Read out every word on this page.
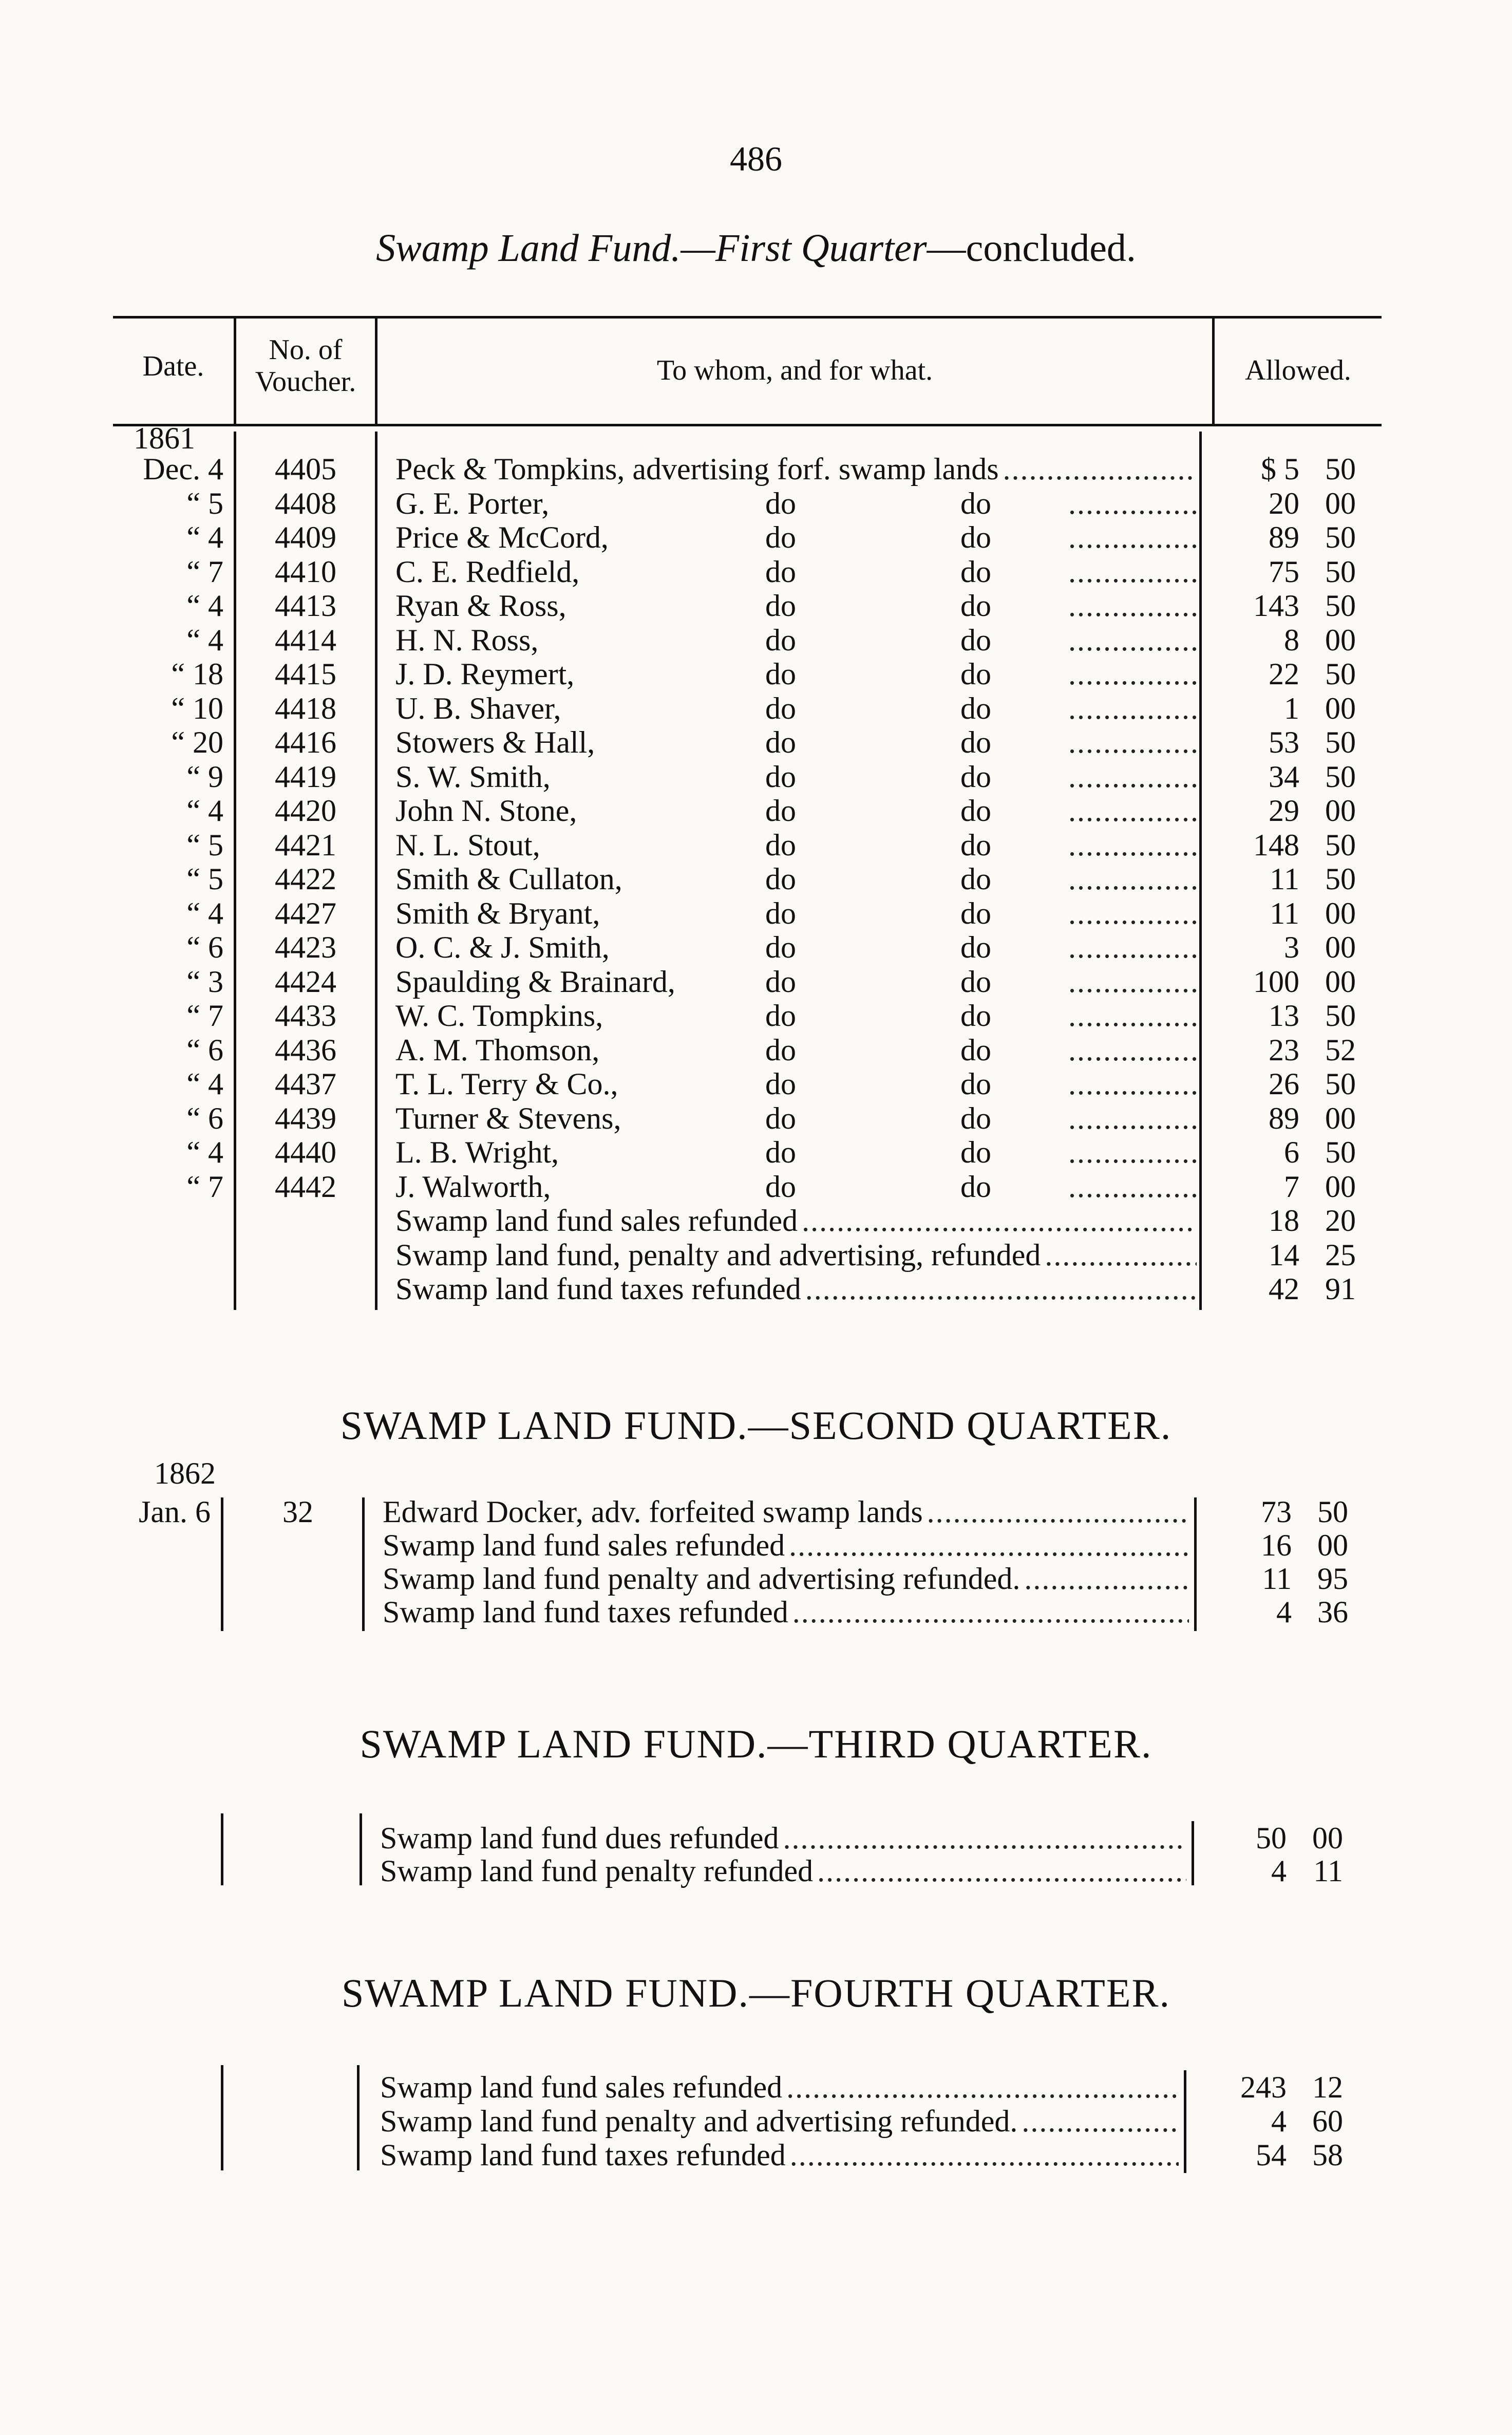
486
Swamp Land Fund.—First Quarter—concluded.
Date.
No. of Voucher.	To whom, and for what.	Allowed.
1861
Dec. 4	4405	Peck & Tompkins, advertising forf. swamp lands .....	$ 5 50
“ 5	4408	G. E. Porter,	do	do .....	20 00
“ 4	4409	Price & McCord,	do	do .....	89 50
“ 7	4410	C. E. Redfield,	do	do .....	75 50
“ 4	4413	Ryan & Ross,	do	do .....	143 50
“ 4	4414	H. N. Ross,	do	do .....	8 00
“ 18	4415	J. D. Reymert,	do	do .....	22 50
“ 10	4418	U. B. Shaver,	do	do .....	1 00
“ 20	4416	Stowers & Hall,	do	do .....	53 50
“ 9	4419	S. W. Smith,	do	do .....	34 50
“ 4	4420	John N. Stone,	do	do .....	29 00
“ 5	4421	N. L. Stout,	do	do .....	148 50
“ 5	4422	Smith & Cullaton,	do	do .....	11 50
“ 4	4427	Smith & Bryant,	do	do .....	11 00
“ 6	4423	O. C. & J. Smith,	do	do .....	3 00
“ 3	4424	Spaulding & Brainard,	do	do .....	100 00
“ 7	4433	W. C. Tompkins,	do	do .....	13 50
“ 6	4436	A. M. Thomson,	do	do .....	23 52
“ 4	4437	T. L. Terry & Co.,	do	do .....	26 50
“ 6	4439	Turner & Stevens,	do	do .....	89 00
“ 4	4440	L. B. Wright,	do	do .....	6 50
“ 7	4442	J. Walworth,	do	do .....	7 00
Swamp land fund sales refunded .....	18 20
Swamp land fund, penalty and advertising, refunded .....	14 25
Swamp land fund taxes refunded .....	42 91
SWAMP LAND FUND.—SECOND QUARTER.
1862
Jan. 6	32	Edward Docker, adv. forfeited swamp lands .....	73 50
Swamp land fund sales refunded .....	16 00
Swamp land fund penalty and advertising refunded. .....	11 95
Swamp land fund taxes refunded .....	4 36
SWAMP LAND FUND.—THIRD QUARTER.
Swamp land fund dues refunded .....	50 00
Swamp land fund penalty refunded .....	4 11
SWAMP LAND FUND.—FOURTH QUARTER.
Swamp land fund sales refunded .....	243 12
Swamp land fund penalty and advertising refunded. .....	4 60
Swamp land fund taxes refunded .....	54 58
